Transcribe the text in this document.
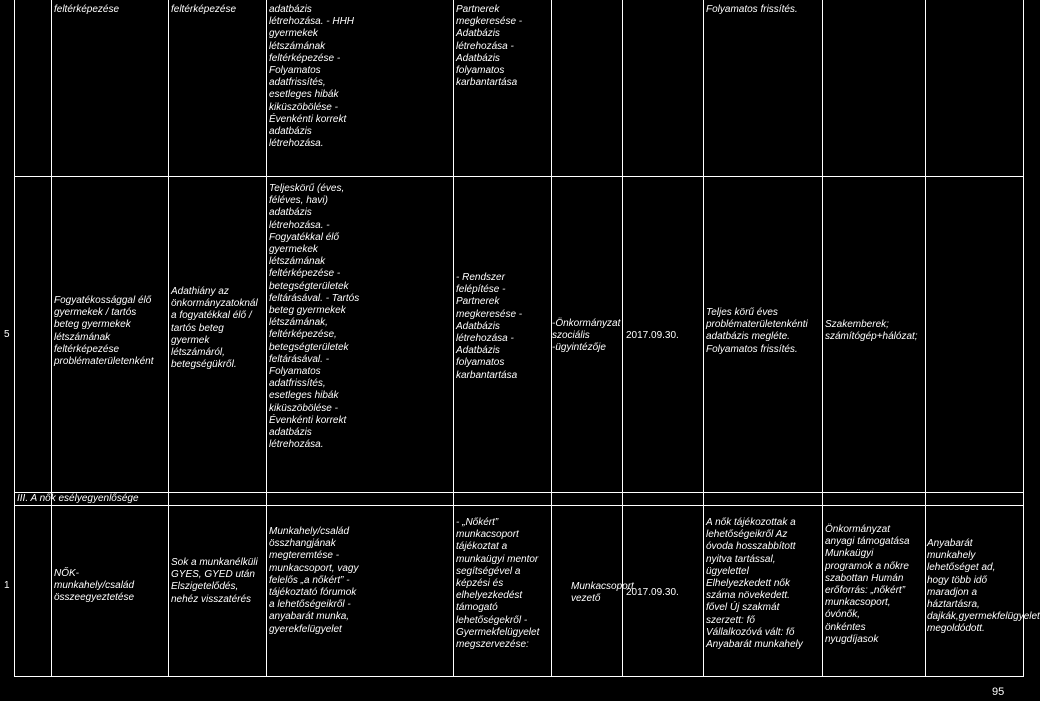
feltérképezése	feltérképezése	adatbázis
létrehozása. - HHH
gyermekek
létszámának
feltérképezése -
Folyamatos
adatfrissítés,
esetleges hibák
kiküszöbölése -
Évenkénti korrekt
adatbázis
létrehozása.
Partnerek
megkeresése -
Adatbázis
létrehozása -
Adatbázis
folyamatos
karbantartása
Folyamatos frissítés.
5
Fogyatékossággal élő
gyermekek / tartós
beteg gyermekek
létszámának
feltérképezése
problématerületenként
Adathiány az
önkormányzatoknál
a fogyatékkal élő /
tartós beteg
gyermek
létszámáról,
betegségükről.
Teljeskörű (éves,
féléves, havi)
adatbázis
létrehozása. -
Fogyatékkal élő
gyermekek
létszámának
feltérképezése -
betegségterületek
feltárásával. - Tartós
beteg gyermekek
létszámának,
feltérképezése,
betegségterületek
feltárásával. -
Folyamatos
adatfrissítés,
esetleges hibák
kiküszöbölése -
Évenkénti korrekt
adatbázis
létrehozása.
- Rendszer
felépítése -
Partnerek
megkeresése -
Adatbázis
létrehozása -
Adatbázis
folyamatos
karbantartása
-Önkormányzat
szociális
-ügyintézője
2017.09.30.
Teljes körű éves
problématerületenkénti
adatbázis megléte.
Folyamatos frissítés.
Szakemberek;
számítógép+hálózat;
III. A nők esélyegyenlősége
1
NŐK-
munkahely/család
összeegyeztetése
Sok a munkanélküli
GYES, GYED után
Elszigetelődés,
nehéz visszatérés
Munkahely/család
összhangjának
megteremtése -
munkacsoport, vagy
felelős „a nőkért” -
tájékoztató fórumok
a lehetőségeikről -
anyabarát munka,
gyerekfelügyelet
- „Nőkért”
munkacsoport
tájékoztat a
munkaügyi mentor
segítségével a
képzési és
elhelyezkedést
támogató
lehetőségekről -
Gyermekfelügyelet
megszervezése:
Munkacsoport
vezető
2017.09.30.
A nők tájékozottak a
lehetőségeikről Az
óvoda hosszabbított
nyitva tartással,
ügyelettel
Elhelyezkedett nők
száma növekedett.
fővel Új szakmát
szerzett: fő
Vállalkozóvá vált: fő
Anyabarát munkahely
Önkormányzat
anyagi támogatása
Munkaügyi
programok a nőkre
szabottan Humán
erőforrás: „nőkért”
munkacsoport,
óvónők,
önkéntes
nyugdíjasok
Anyabarát
munkahely
lehetőséget ad,
hogy több idő
maradjon a
háztartásra,
dajkák,gyermekfelügyelet
megoldódott.
95
